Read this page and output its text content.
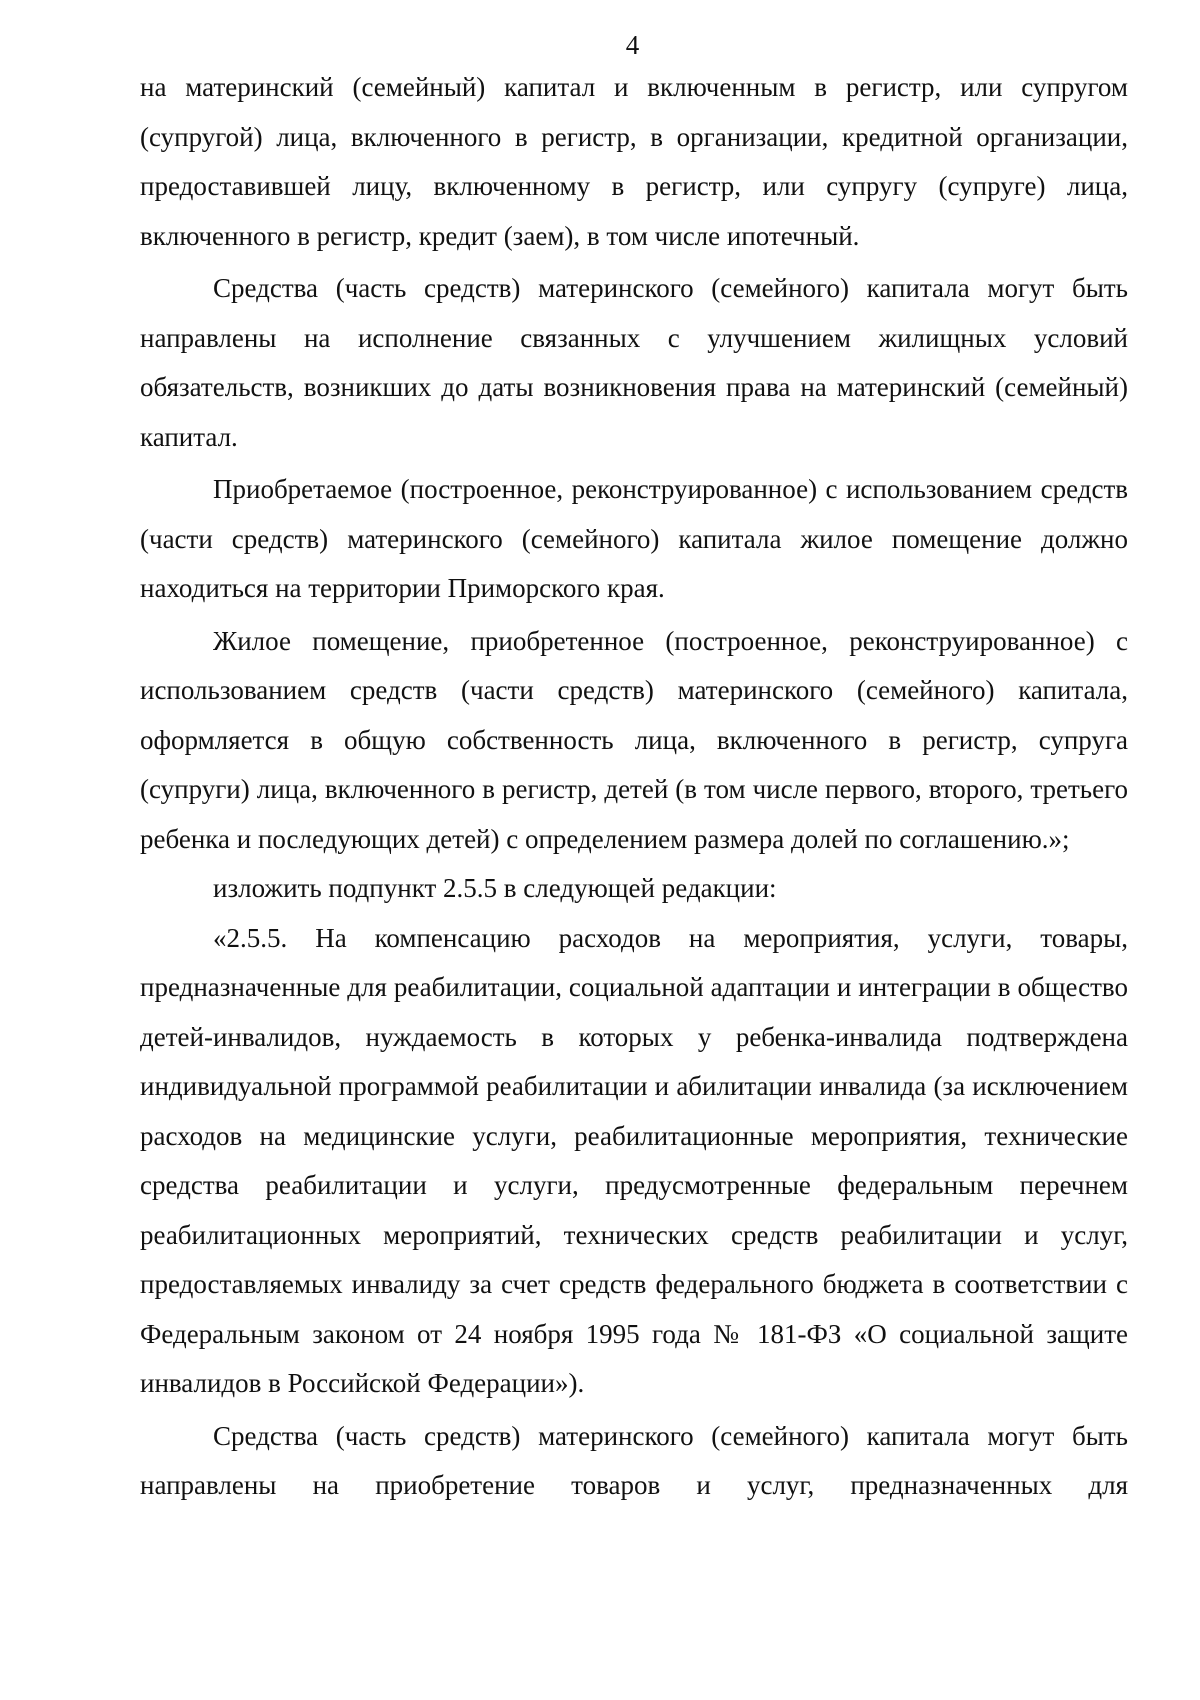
4

на материнский (семейный) капитал и включенным в регистр, или супругом (супругой) лица, включенного в регистр, в организации, кредитной организации, предоставившей лицу, включенному в регистр, или супругу (супруге) лица, включенного в регистр, кредит (заем), в том числе ипотечный.

Средства (часть средств) материнского (семейного) капитала могут быть направлены на исполнение связанных с улучшением жилищных условий обязательств, возникших до даты возникновения права на материнский (семейный) капитал.

Приобретаемое (построенное, реконструированное) с использованием средств (части средств) материнского (семейного) капитала жилое помещение должно находиться на территории Приморского края.

Жилое помещение, приобретенное (построенное, реконструированное) с использованием средств (части средств) материнского (семейного) капитала, оформляется в общую собственность лица, включенного в регистр, супруга (супруги) лица, включенного в регистр, детей (в том числе первого, второго, третьего ребенка и последующих детей) с определением размера долей по соглашению.»;

изложить подпункт 2.5.5 в следующей редакции:

«2.5.5. На компенсацию расходов на мероприятия, услуги, товары, предназначенные для реабилитации, социальной адаптации и интеграции в общество детей-инвалидов, нуждаемость в которых у ребенка-инвалида подтверждена индивидуальной программой реабилитации и абилитации инвалида (за исключением расходов на медицинские услуги, реабилитационные мероприятия, технические средства реабилитации и услуги, предусмотренные федеральным перечнем реабилитационных мероприятий, технических средств реабилитации и услуг, предоставляемых инвалиду за счет средств федерального бюджета в соответствии с Федеральным законом от 24 ноября 1995 года № 181-ФЗ «О социальной защите инвалидов в Российской Федерации»).

Средства (часть средств) материнского (семейного) капитала могут быть направлены на приобретение товаров и услуг, предназначенных для
